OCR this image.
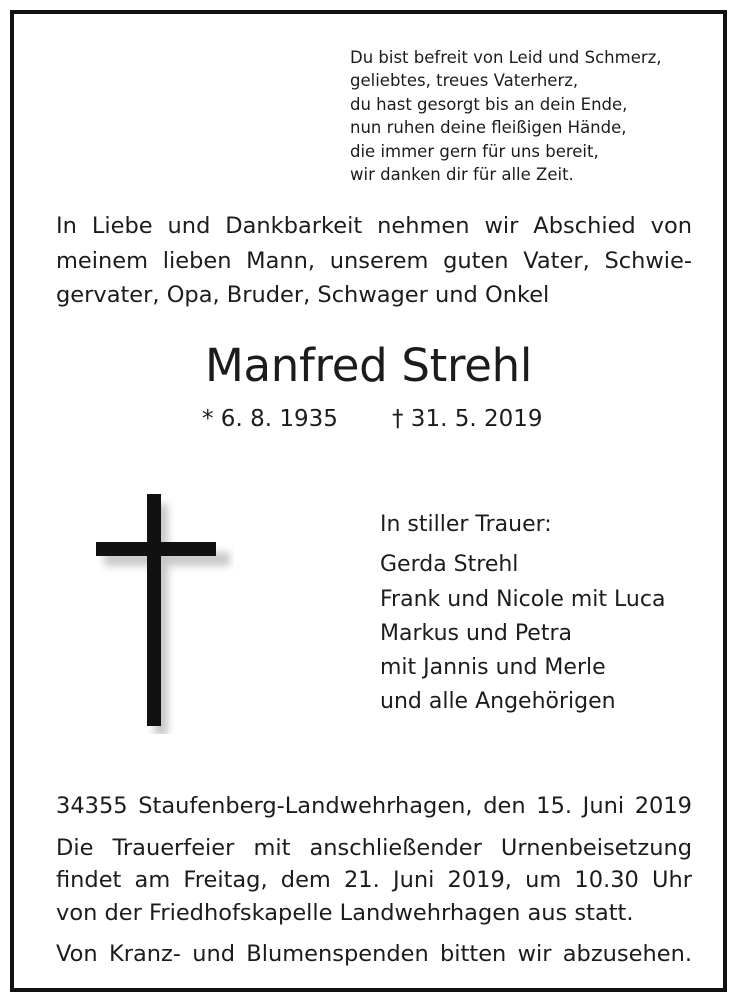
Du bist befreit von Leid und Schmerz,
geliebtes, treues Vaterherz,
du hast gesorgt bis an dein Ende,
nun ruhen deine fleißigen Hände,
die immer gern für uns bereit,
wir danken dir für alle Zeit.
In Liebe und Dankbarkeit nehmen wir Abschied von
meinem lieben Mann, unserem guten Vater, Schwie-
gervater, Opa, Bruder, Schwager und Onkel
Manfred Strehl
* 6. 8. 1935 † 31. 5. 2019
In stiller Trauer:
Gerda Strehl
Frank und Nicole mit Luca
Markus und Petra
mit Jannis und Merle
und alle Angehörigen
34355 Staufenberg-Landwehrhagen, den 15. Juni 2019
Die Trauerfeier mit anschließender Urnenbeisetzung
findet am Freitag, dem 21. Juni 2019, um 10.30 Uhr
von der Friedhofskapelle Landwehrhagen aus statt.
Von Kranz- und Blumenspenden bitten wir abzusehen.
